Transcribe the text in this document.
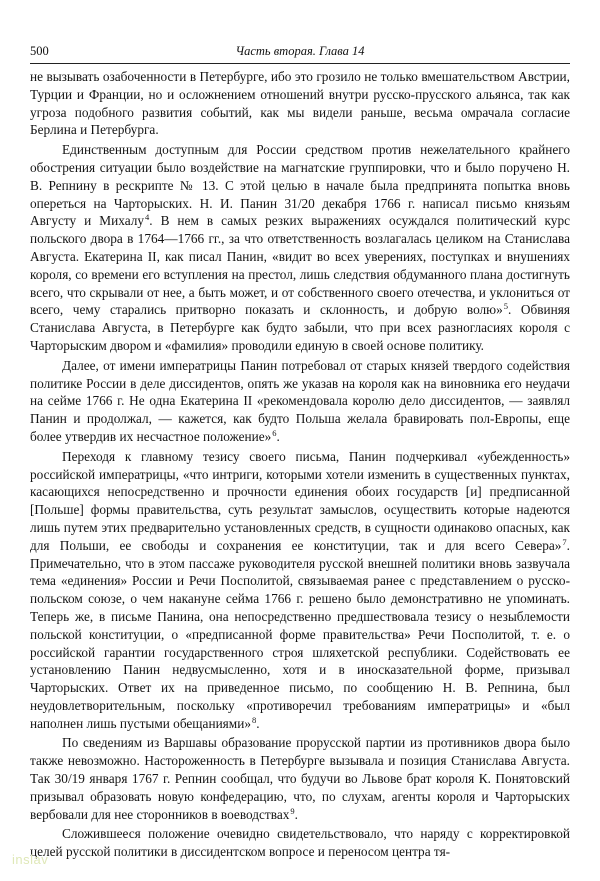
500	Часть вторая. Глава 14

не вызывать озабоченности в Петербурге, ибо это грозило не только вмешательством Австрии, Турции и Франции, но и осложнением отношений внутри русско-прусского альянса, так как угроза подобного развития событий, как мы видели раньше, весьма омрачала согласие Берлина и Петербурга.

Единственным доступным для России средством против нежелательного крайнего обострения ситуации было воздействие на магнатские группировки, что и было поручено Н. В. Репнину в рескрипте № 13. С этой целью в начале была предпринята попытка вновь опереться на Чарторыских. Н. И. Панин 31/20 декабря 1766 г. написал письмо князьям Августу и Михалу$^4$. В нем в самых резких выражениях осуждался политический курс польского двора в 1764—1766 гг., за что ответственность возлагалась целиком на Станислава Августа. Екатерина II, как писал Панин, «видит во всех уверениях, поступках и внушениях короля, со времени его вступления на престол, лишь следствия обдуманного плана достигнуть всего, что скрывали от нее, а быть может, и от собственного своего отечества, и уклониться от всего, чему старались притворно показать и склонность, и добрую волю»$^5$. Обвиняя Станислава Августа, в Петербурге как будто забыли, что при всех разногласиях короля с Чарторыским двором и «фамилия» проводили единую в своей основе политику.

Далее, от имени императрицы Панин потребовал от старых князей твердого содействия политике России в деле диссидентов, опять же указав на короля как на виновника его неудачи на сейме 1766 г. Не одна Екатерина II «рекомендовала королю дело диссидентов, — заявлял Панин и продолжал, — кажется, как будто Польша желала бравировать пол-Европы, еще более утвердив их несчастное положение»$^6$.

Переходя к главному тезису своего письма, Панин подчеркивал «убежденность» российской императрицы, «что интриги, которыми хотели изменить в существенных пунктах, касающихся непосредственно и прочности единения обоих государств [и] предписанной [Польше] формы правительства, суть результат замыслов, осуществить которые надеются лишь путем этих предварительно установленных средств, в сущности одинаково опасных, как для Польши, ее свободы и сохранения ее конституции, так и для всего Севера»$^7$. Примечательно, что в этом пассаже руководителя русской внешней политики вновь зазвучала тема «единения» России и Речи Посполитой, связываемая ранее с представлением о русско-польском союзе, о чем накануне сейма 1766 г. решено было демонстративно не упоминать. Теперь же, в письме Панина, она непосредственно предшествовала тезису о незыблемости польской конституции, о «предписанной форме правительства» Речи Посполитой, т. е. о российской гарантии государственного строя шляхетской республики. Содействовать ее установлению Панин недвусмысленно, хотя и в иносказательной форме, призывал Чарторыских. Ответ их на приведенное письмо, по сообщению Н. В. Репнина, был неудовлетворительным, поскольку «противоречил требованиям императрицы» и «был наполнен лишь пустыми обещаниями»$^8$.

По сведениям из Варшавы образование прорусской партии из противников двора было также невозможно. Настороженность в Петербурге вызывала и позиция Станислава Августа. Так 30/19 января 1767 г. Репнин сообщал, что будучи во Львове брат короля К. Понятовский призывал образовать новую конфедерацию, что, по слухам, агенты короля и Чарторыских вербовали для нее сторонников в воеводствах$^9$.

Сложившееся положение очевидно свидетельствовало, что наряду с корректировкой целей русской политики в диссидентском вопросе и переносом центра тя-

inslav
